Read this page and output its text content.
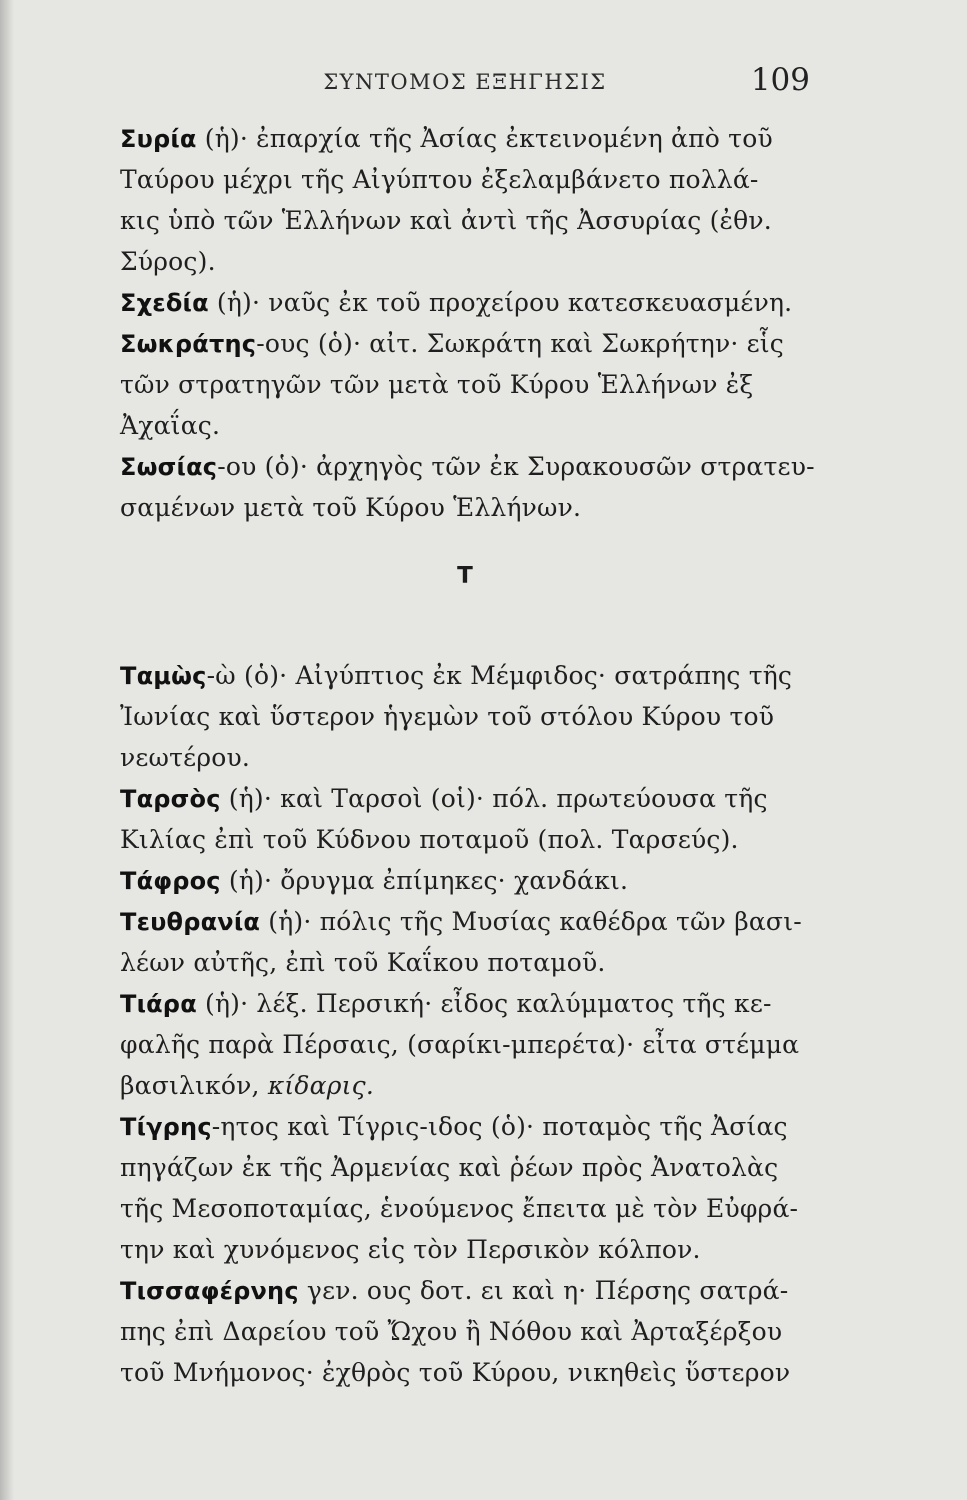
ΣΥΝΤΟΜΟΣ ΕΞΗΓΗΣΙΣ	109
Συρία (ἡ)· ἐπαρχία τῆς Ἀσίας ἐκτεινομένη ἀπὸ τοῦ
Ταύρου μέχρι τῆς Αἰγύπτου ἐξελαμβάνετο πολλά-
κις ὑπὸ τῶν Ἑλλήνων καὶ ἀντὶ τῆς Ἀσσυρίας (ἐθν.
Σύρος).
Σχεδία (ἡ)· ναῦς ἐκ τοῦ προχείρου κατεσκευασμένη.
Σωκράτης-ους (ὁ)· αἰτ. Σωκράτη καὶ Σωκρήτην· εἷς
τῶν στρατηγῶν τῶν μετὰ τοῦ Κύρου Ἑλλήνων ἐξ
Ἀχαΐας.
Σωσίας-ου (ὁ)· ἀρχηγὸς τῶν ἐκ Συρακουσῶν στρατευ-
σαμένων μετὰ τοῦ Κύρου Ἑλλήνων.
Τ
Ταμὼς-ὼ (ὁ)· Αἰγύπτιος ἐκ Μέμφιδος· σατράπης τῆς
Ἰωνίας καὶ ὕστερον ἡγεμὼν τοῦ στόλου Κύρου τοῦ
νεωτέρου.
Ταρσὸς (ἡ)· καὶ Ταρσοὶ (οἱ)· πόλ. πρωτεύουσα τῆς
Κιλίας ἐπὶ τοῦ Κύδνου ποταμοῦ (πολ. Ταρσεύς).
Τάφρος (ἡ)· ὄρυγμα ἐπίμηκες· χανδάκι.
Τευθρανία (ἡ)· πόλις τῆς Μυσίας καθέδρα τῶν βασι-
λέων αὐτῆς, ἐπὶ τοῦ Καΐκου ποταμοῦ.
Τιάρα (ἡ)· λέξ. Περσική· εἶδος καλύμματος τῆς κε-
φαλῆς παρὰ Πέρσαις, (σαρίκι-μπερέτα)· εἶτα στέμμα
βασιλικόν, κίδαρις.
Τίγρης-ητος καὶ Τίγρις-ιδος (ὁ)· ποταμὸς τῆς Ἀσίας
πηγάζων ἐκ τῆς Ἀρμενίας καὶ ῥέων πρὸς Ἀνατολὰς
τῆς Μεσοποταμίας, ἑνούμενος ἔπειτα μὲ τὸν Εὐφρά-
την καὶ χυνόμενος εἰς τὸν Περσικὸν κόλπον.
Τισσαφέρνης γεν. ους δοτ. ει καὶ η· Πέρσης σατρά-
πης ἐπὶ Δαρείου τοῦ Ὤχου ἢ Νόθου καὶ Ἀρταξέρξου
τοῦ Μνήμονος· ἐχθρὸς τοῦ Κύρου, νικηθεὶς ὕστερον
